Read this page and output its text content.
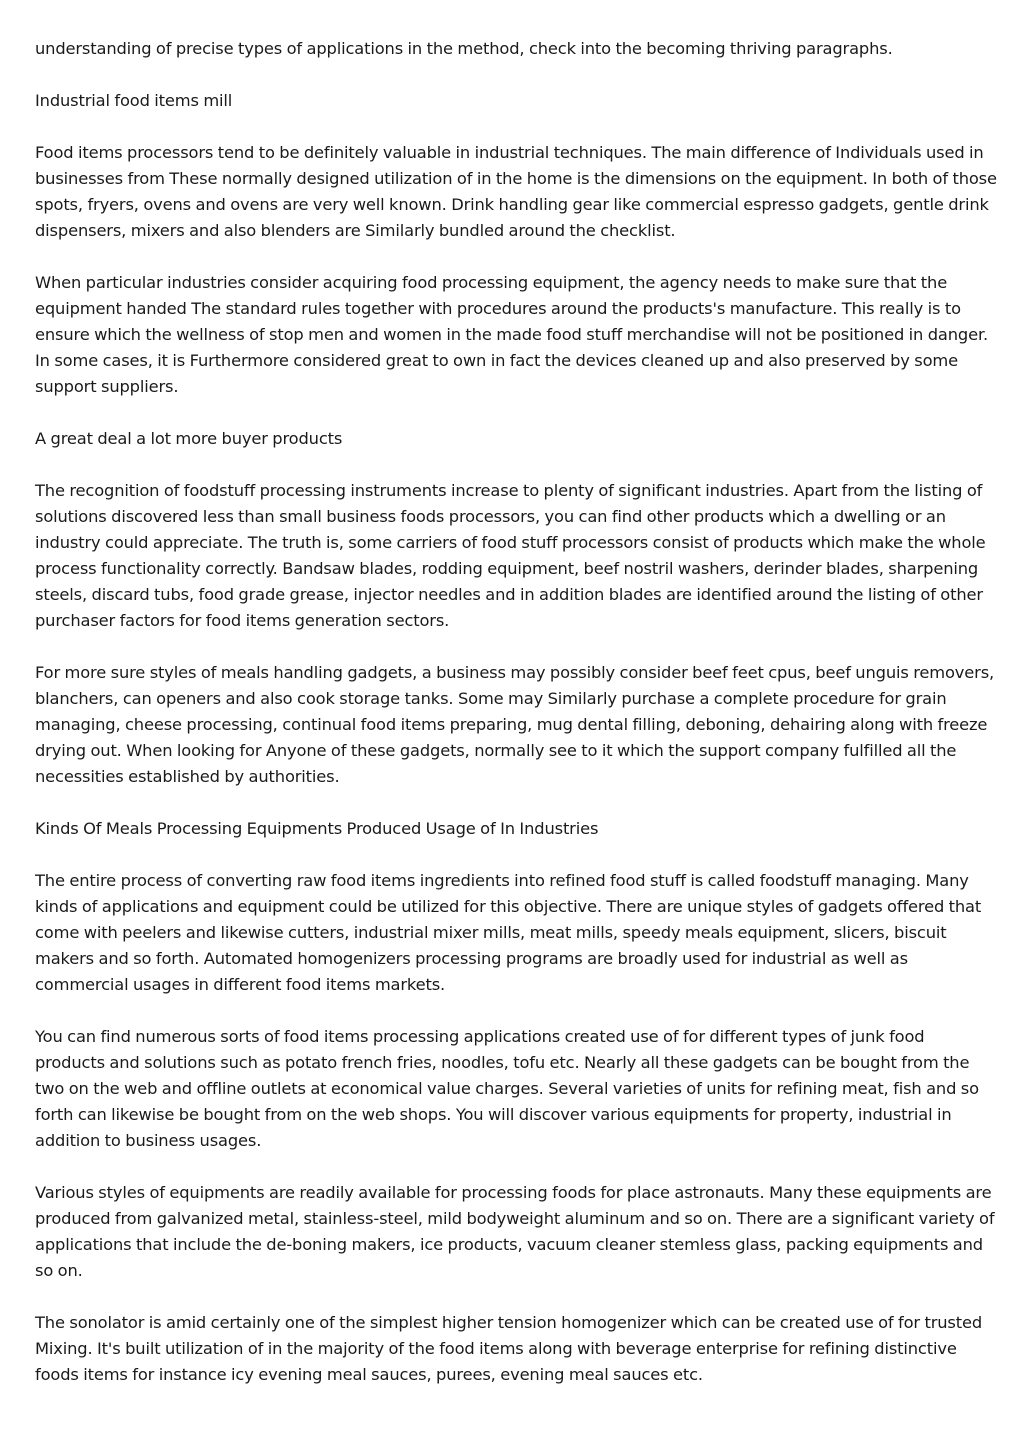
understanding of precise types of applications in the method, check into the becoming thriving paragraphs.

Industrial food items mill

Food items processors tend to be definitely valuable in industrial techniques. The main difference of Individuals used in businesses from These normally designed utilization of in the home is the dimensions on the equipment. In both of those spots, fryers, ovens and ovens are very well known. Drink handling gear like commercial espresso gadgets, gentle drink dispensers, mixers and also blenders are Similarly bundled around the checklist.

When particular industries consider acquiring food processing equipment, the agency needs to make sure that the equipment handed The standard rules together with procedures around the products's manufacture. This really is to ensure which the wellness of stop men and women in the made food stuff merchandise will not be positioned in danger. In some cases, it is Furthermore considered great to own in fact the devices cleaned up and also preserved by some support suppliers.

A great deal a lot more buyer products

The recognition of foodstuff processing instruments increase to plenty of significant industries. Apart from the listing of solutions discovered less than small business foods processors, you can find other products which a dwelling or an industry could appreciate. The truth is, some carriers of food stuff processors consist of products which make the whole process functionality correctly. Bandsaw blades, rodding equipment, beef nostril washers, derinder blades, sharpening steels, discard tubs, food grade grease, injector needles and in addition blades are identified around the listing of other purchaser factors for food items generation sectors.

For more sure styles of meals handling gadgets, a business may possibly consider beef feet cpus, beef unguis removers, blanchers, can openers and also cook storage tanks. Some may Similarly purchase a complete procedure for grain managing, cheese processing, continual food items preparing, mug dental filling, deboning, dehairing along with freeze drying out. When looking for Anyone of these gadgets, normally see to it which the support company fulfilled all the necessities established by authorities.

Kinds Of Meals Processing Equipments Produced Usage of In Industries

The entire process of converting raw food items ingredients into refined food stuff is called foodstuff managing. Many kinds of applications and equipment could be utilized for this objective. There are unique styles of gadgets offered that come with peelers and likewise cutters, industrial mixer mills, meat mills, speedy meals equipment, slicers, biscuit makers and so forth. Automated homogenizers processing programs are broadly used for industrial as well as commercial usages in different food items markets.

You can find numerous sorts of food items processing applications created use of for different types of junk food products and solutions such as potato french fries, noodles, tofu etc. Nearly all these gadgets can be bought from the two on the web and offline outlets at economical value charges. Several varieties of units for refining meat, fish and so forth can likewise be bought from on the web shops. You will discover various equipments for property, industrial in addition to business usages.

Various styles of equipments are readily available for processing foods for place astronauts. Many these equipments are produced from galvanized metal, stainless-steel, mild bodyweight aluminum and so on. There are a significant variety of applications that include the de-boning makers, ice products, vacuum cleaner stemless glass, packing equipments and so on.

The sonolator is amid certainly one of the simplest higher tension homogenizer which can be created use of for trusted Mixing. It's built utilization of in the majority of the food items along with beverage enterprise for refining distinctive foods items for instance icy evening meal sauces, purees, evening meal sauces etc.
